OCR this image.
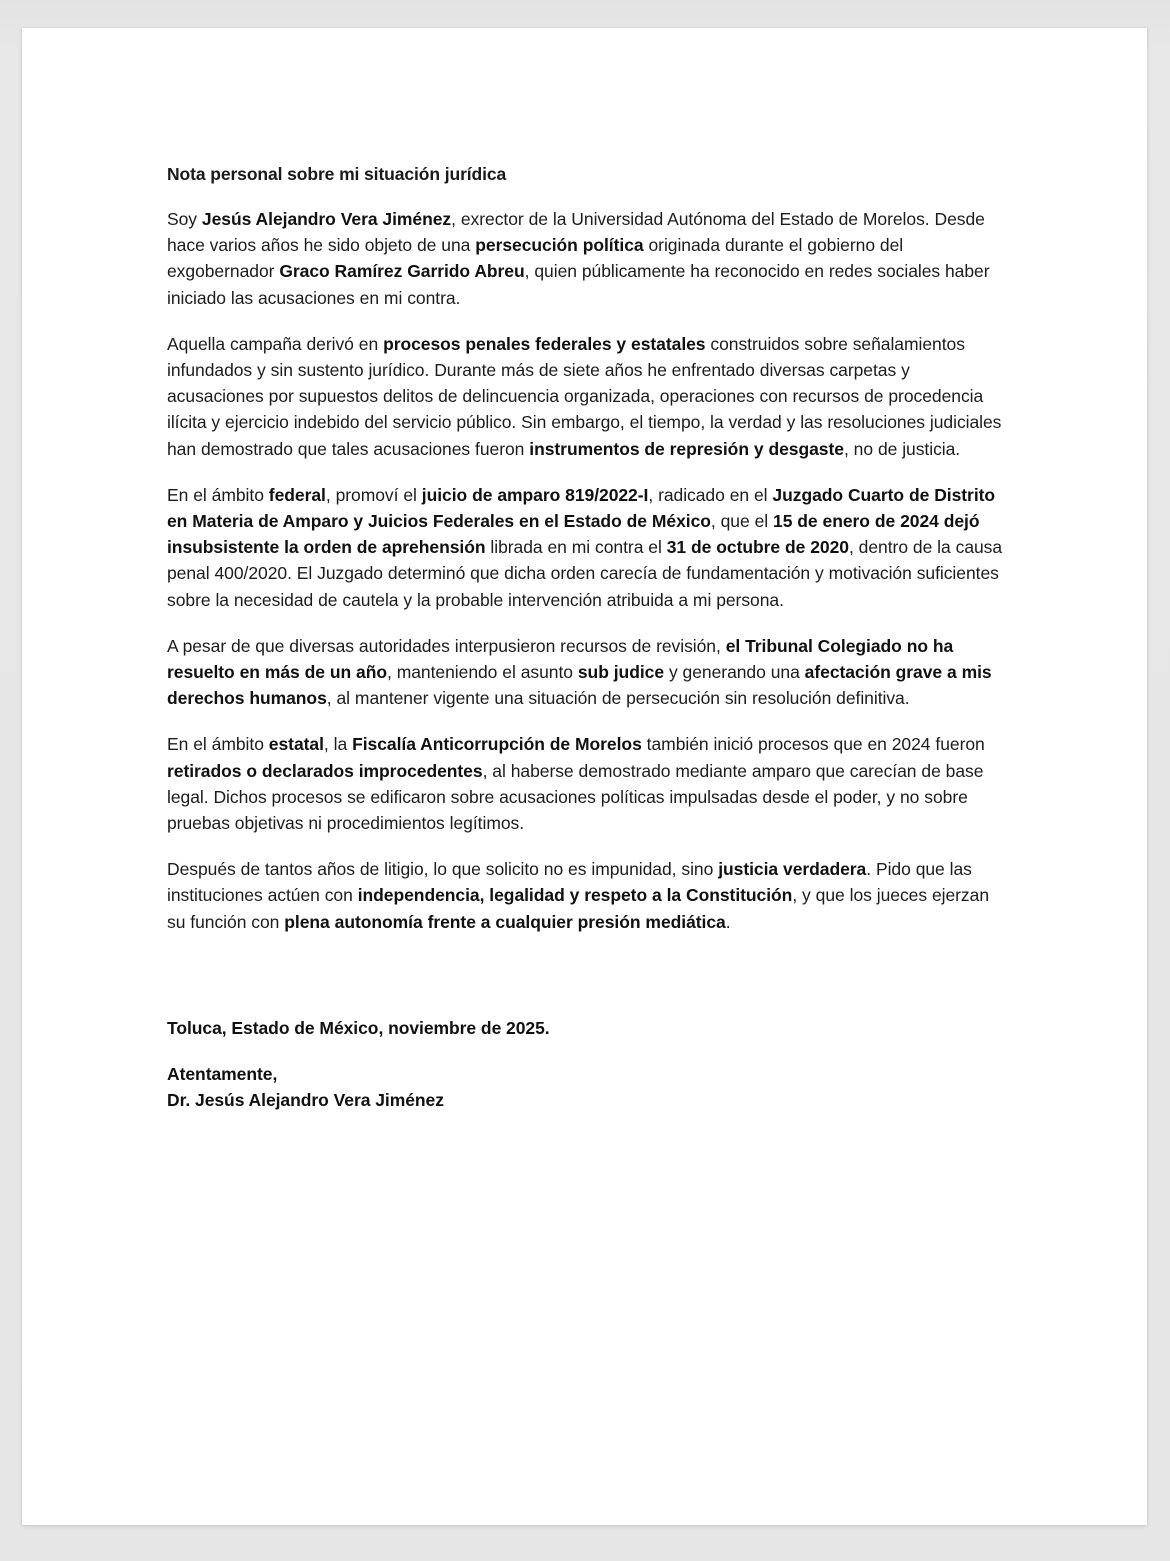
Nota personal sobre mi situación jurídica

Soy Jesús Alejandro Vera Jiménez, exrector de la Universidad Autónoma del Estado de Morelos. Desde hace varios años he sido objeto de una persecución política originada durante el gobierno del exgobernador Graco Ramírez Garrido Abreu, quien públicamente ha reconocido en redes sociales haber iniciado las acusaciones en mi contra.

Aquella campaña derivó en procesos penales federales y estatales construidos sobre señalamientos infundados y sin sustento jurídico. Durante más de siete años he enfrentado diversas carpetas y acusaciones por supuestos delitos de delincuencia organizada, operaciones con recursos de procedencia ilícita y ejercicio indebido del servicio público. Sin embargo, el tiempo, la verdad y las resoluciones judiciales han demostrado que tales acusaciones fueron instrumentos de represión y desgaste, no de justicia.

En el ámbito federal, promoví el juicio de amparo 819/2022-I, radicado en el Juzgado Cuarto de Distrito en Materia de Amparo y Juicios Federales en el Estado de México, que el 15 de enero de 2024 dejó insubsistente la orden de aprehensión librada en mi contra el 31 de octubre de 2020, dentro de la causa penal 400/2020. El Juzgado determinó que dicha orden carecía de fundamentación y motivación suficientes sobre la necesidad de cautela y la probable intervención atribuida a mi persona.

A pesar de que diversas autoridades interpusieron recursos de revisión, el Tribunal Colegiado no ha resuelto en más de un año, manteniendo el asunto sub judice y generando una afectación grave a mis derechos humanos, al mantener vigente una situación de persecución sin resolución definitiva.

En el ámbito estatal, la Fiscalía Anticorrupción de Morelos también inició procesos que en 2024 fueron retirados o declarados improcedentes, al haberse demostrado mediante amparo que carecían de base legal. Dichos procesos se edificaron sobre acusaciones políticas impulsadas desde el poder, y no sobre pruebas objetivas ni procedimientos legítimos.

Después de tantos años de litigio, lo que solicito no es impunidad, sino justicia verdadera. Pido que las instituciones actúen con independencia, legalidad y respeto a la Constitución, y que los jueces ejerzan su función con plena autonomía frente a cualquier presión mediática.

Toluca, Estado de México, noviembre de 2025.

Atentamente,
Dr. Jesús Alejandro Vera Jiménez
